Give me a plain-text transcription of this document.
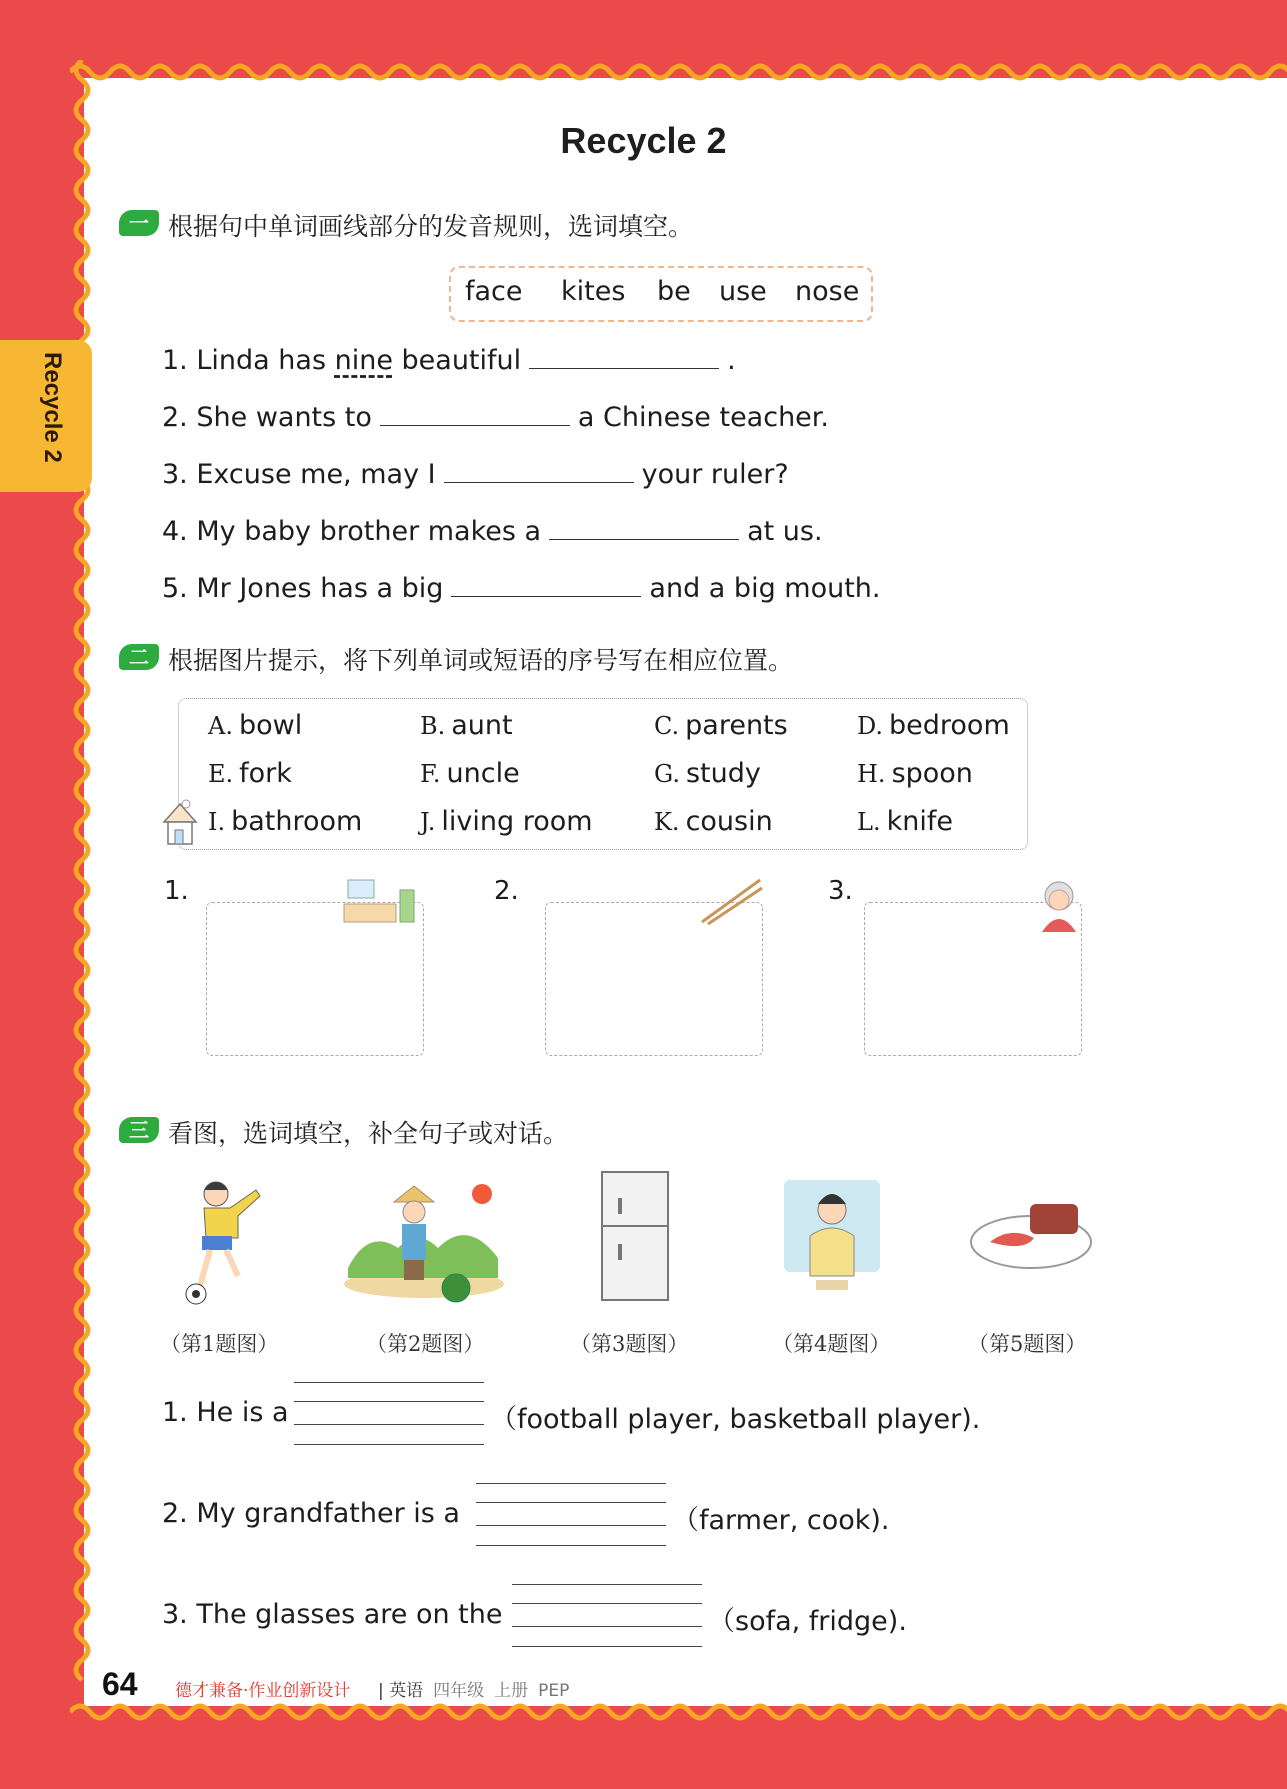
Recycle 2
Recycle 2
一 根据句中单词画线部分的发音规则，选词填空。
face kites be use nose
1. Linda has nine beautiful	.
2. She wants to	a Chinese teacher.
3. Excuse me, may I	your ruler?
4. My baby brother makes a	at us.
5. Mr Jones has a big	and a big mouth.
二 根据图片提示，将下列单词或短语的序号写在相应位置。
A. bowl	B. aunt	C. parents	D. bedroom
E. fork	F. uncle	G. study	H. spoon
I. bathroom J. living room	K. cousin	L. knife
1.	2.	3.
三 看图，选词填空，补全句子或对话。
（第1题图）	（第2题图）	（第3题图）	（第4题图）	（第5题图）
1. He is a	（football player, basketball player).
2. My grandfather is a	（farmer, cook).
3. The glasses are on the	（sofa, fridge).
64 德才兼备·作业创新设计 | 英语 四年级 上册 PEP
